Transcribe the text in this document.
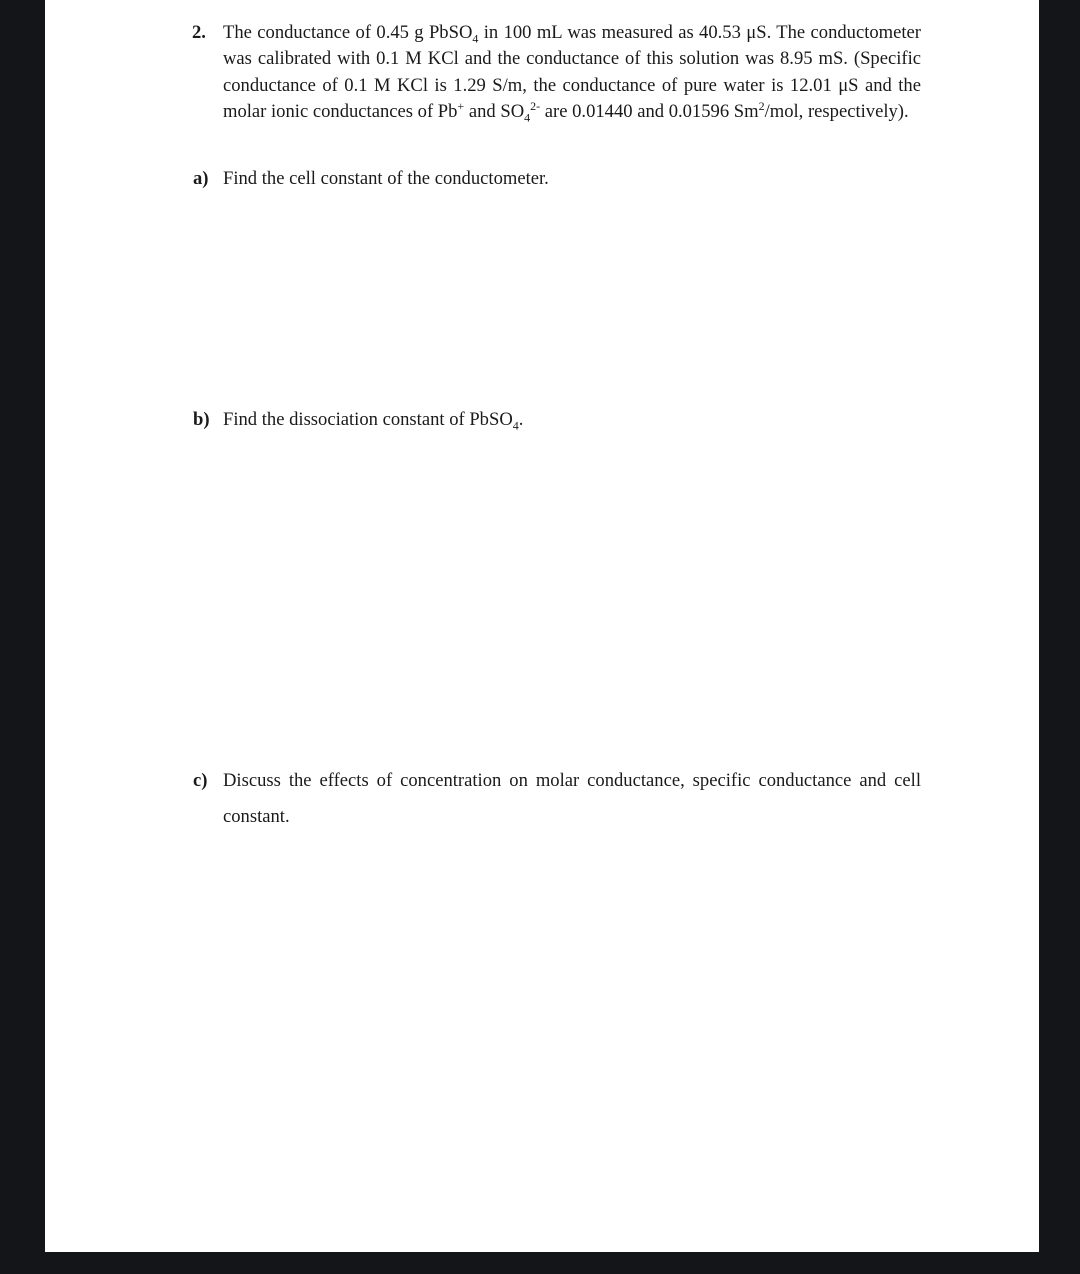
2. The conductance of 0.45 g PbSO$_4$ in 100 mL was measured as 40.53 μS. The conductometer was calibrated with 0.1 M KCl and the conductance of this solution was 8.95 mS. (Specific conductance of 0.1 M KCl is 1.29 S/m, the conductance of pure water is 12.01 μS and the molar ionic conductances of Pb+ and $SO_4^{2-}$ are 0.01440 and 0.01596 Sm$^2$/mol, respectively).
a) Find the cell constant of the conductometer.
b) Find the dissociation constant of PbSO$_4$.
c) Discuss the effects of concentration on molar conductance, specific conductance and cell constant.
